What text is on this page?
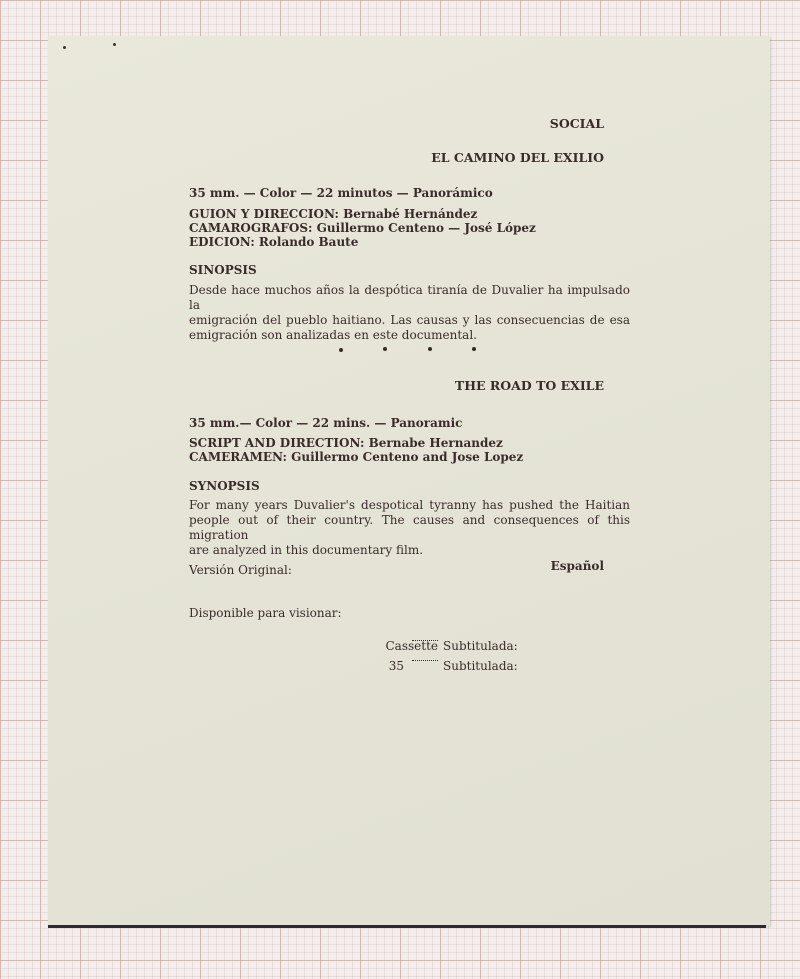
SOCIAL
EL CAMINO DEL EXILIO
35 mm. — Color — 22 minutos — Panorámico
GUION Y DIRECCION: Bernabé Hernández
CAMAROGRAFOS: Guillermo Centeno — José López
EDICION: Rolando Baute
SINOPSIS
Desde hace muchos años la despótica tiranía de Duvalier ha impulsado la
emigración del pueblo haitiano. Las causas y las consecuencias de esa
emigración son analizadas en este documental.
THE ROAD TO EXILE
35 mm.— Color — 22 mins. — Panoramic
SCRIPT AND DIRECTION: Bernabe Hernandez
CAMERAMEN: Guillermo Centeno and Jose Lopez
SYNOPSIS
For many years Duvalier's despotical tyranny has pushed the Haitian
people out of their country. The causes and consequences of this migration
are analyzed in this documentary film.
Versión Original:	Español
Disponible para visionar:
Cassette Subtitulada:
35	Subtitulada:
